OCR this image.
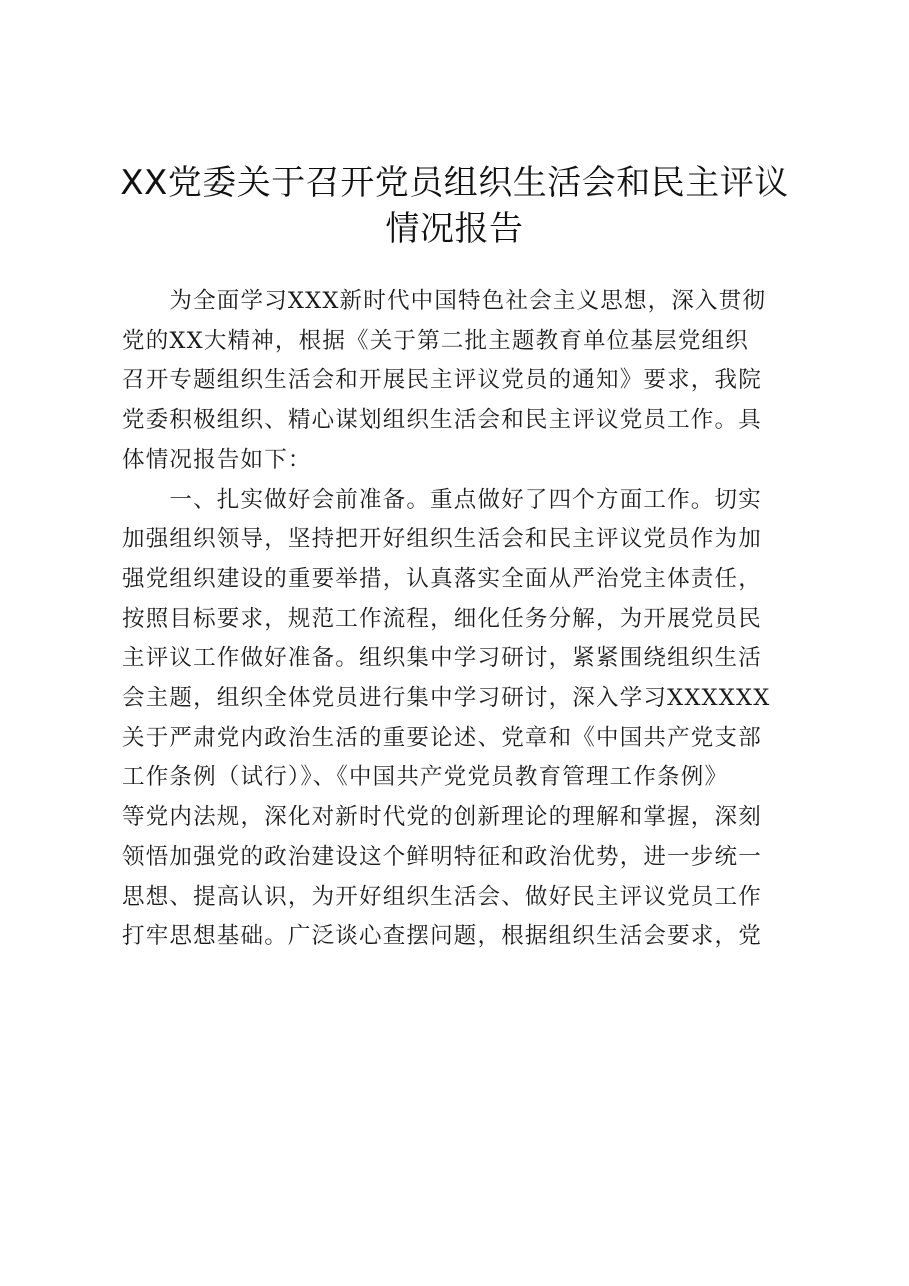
XX党委关于召开党员组织生活会和民主评议
情况报告

　　为全面学习XXX新时代中国特色社会主义思想，深入贯彻
党的XX大精神，根据《关于第二批主题教育单位基层党组织
召开专题组织生活会和开展民主评议党员的通知》要求，我院
党委积极组织、精心谋划组织生活会和民主评议党员工作。具
体情况报告如下：

　　一、扎实做好会前准备。重点做好了四个方面工作。切实
加强组织领导，坚持把开好组织生活会和民主评议党员作为加
强党组织建设的重要举措，认真落实全面从严治党主体责任，
按照目标要求，规范工作流程，细化任务分解，为开展党员民
主评议工作做好准备。组织集中学习研讨，紧紧围绕组织生活
会主题，组织全体党员进行集中学习研讨，深入学习XXXXXX
关于严肃党内政治生活的重要论述、党章和《中国共产党支部
工作条例（试行）》、《中国共产党党员教育管理工作条例》
等党内法规，深化对新时代党的创新理论的理解和掌握，深刻
领悟加强党的政治建设这个鲜明特征和政治优势，进一步统一
思想、提高认识，为开好组织生活会、做好民主评议党员工作
打牢思想基础。广泛谈心查摆问题，根据组织生活会要求，党
